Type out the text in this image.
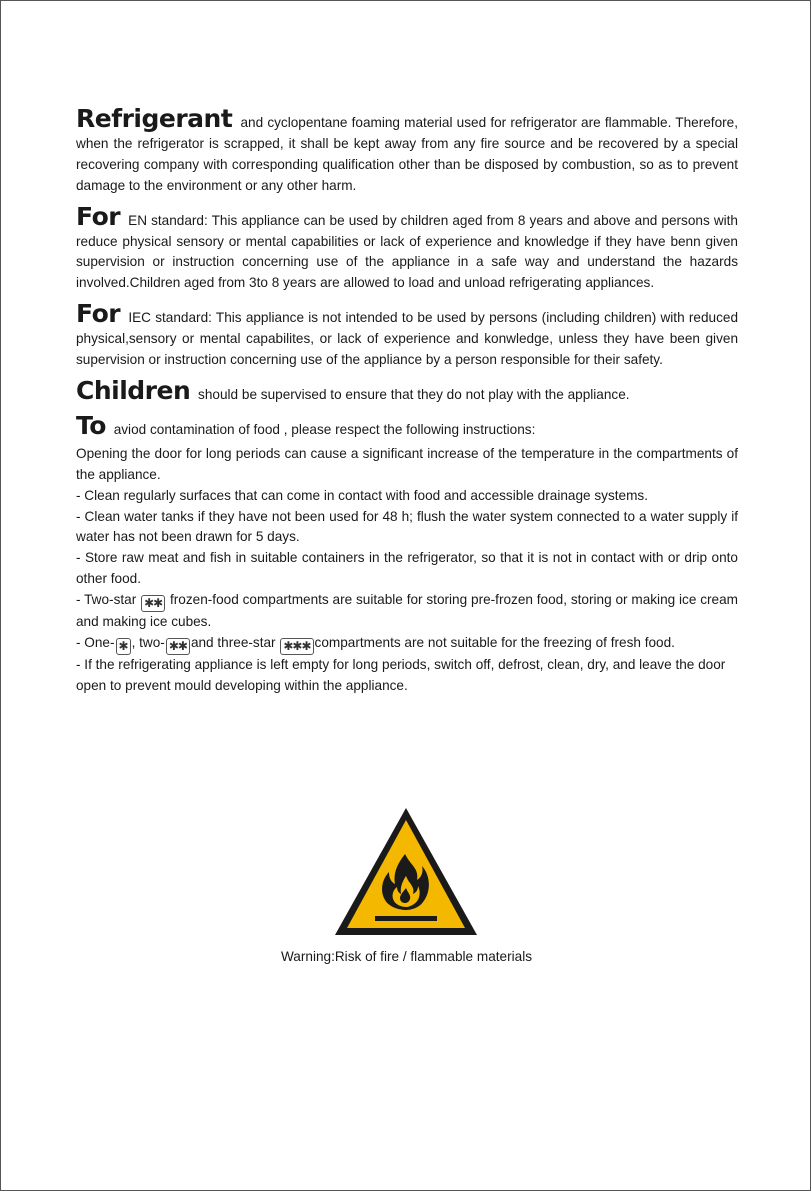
Refrigerant and cyclopentane foaming material used for refrigerator are flammable. Therefore, when the refrigerator is scrapped, it shall be kept away from any fire source and be recovered by a special recovering company with corresponding qualification other than be disposed by combustion, so as to prevent damage to the environment or any other harm.

For EN standard: This appliance can be used by children aged from 8 years and above and persons with reduce physical sensory or mental capabilities or lack of experience and knowledge if they have benn given supervision or instruction concerning use of the appliance in a safe way and understand the hazards involved.Children aged from 3to 8 years are allowed to load and unload refrigerating appliances.

For IEC standard: This appliance is not intended to be used by persons (including children) with reduced physical,sensory or mental capabilites, or lack of experience and konwledge, unless they have been given supervision or instruction concerning use of the appliance by a person responsible for their safety.

Children should be supervised to ensure that they do not play with the appliance.

To aviod contamination of food , please respect the following instructions:

Opening the door for long periods can cause a significant increase of the temperature in the compartments of the appliance.

- Clean regularly surfaces that can come in contact with food and accessible drainage systems.

- Clean water tanks if they have not been used for 48 h; flush the water system connected to a water supply if water has not been drawn for 5 days.

- Store raw meat and fish in suitable containers in the refrigerator, so that it is not in contact with or drip onto other food.

- Two-star ✱✱ frozen-food compartments are suitable for storing pre-frozen food, storing or making ice cream and making ice cubes.

- One- ✱ , two- ✱✱ and three-star ✱✱✱ compartments are not suitable for the freezing of fresh food.

- If the refrigerating appliance is left empty for long periods, switch off, defrost, clean, dry, and leave the door open to prevent mould developing within the appliance.

Warning:Risk of fire / flammable materials
